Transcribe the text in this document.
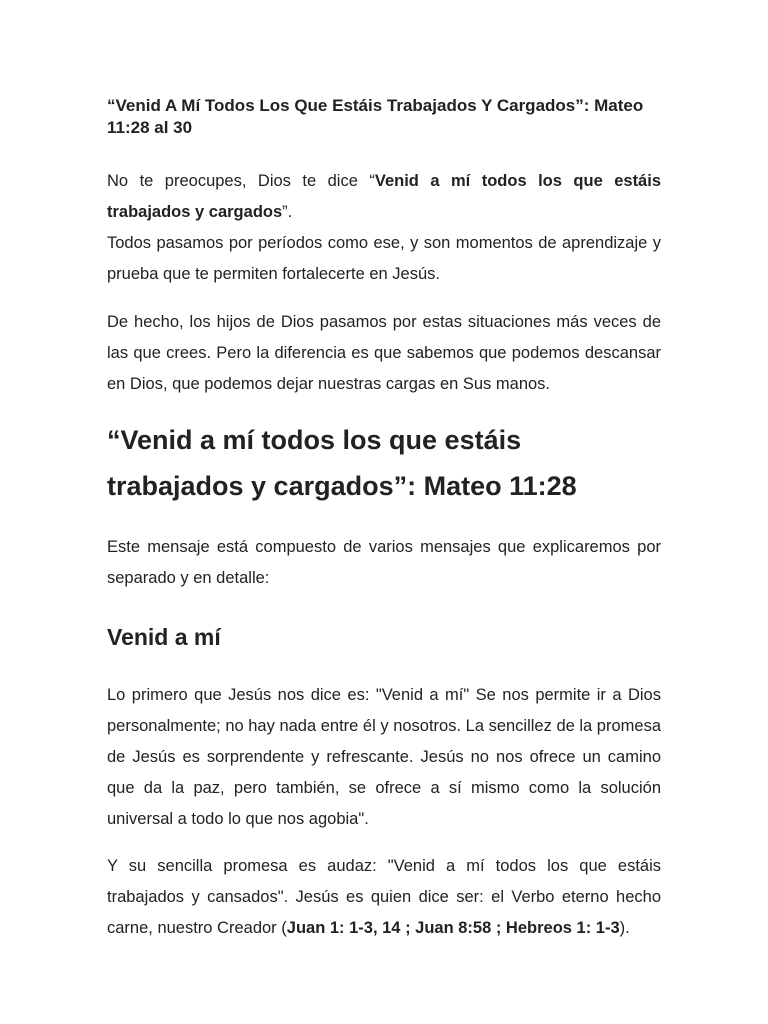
“Venid A Mí Todos Los Que Estáis Trabajados Y Cargados”: Mateo 11:28 al 30

No te preocupes, Dios te dice “Venid a mí todos los que estáis trabajados y cargados”.
Todos pasamos por períodos como ese, y son momentos de aprendizaje y prueba que te permiten fortalecerte en Jesús.

De hecho, los hijos de Dios pasamos por estas situaciones más veces de las que crees. Pero la diferencia es que sabemos que podemos descansar en Dios, que podemos dejar nuestras cargas en Sus manos.

“Venid a mí todos los que estáis trabajados y cargados”: Mateo 11:28

Este mensaje está compuesto de varios mensajes que explicaremos por separado y en detalle:

Venid a mí

Lo primero que Jesús nos dice es: "Venid a mí" Se nos permite ir a Dios personalmente; no hay nada entre él y nosotros. La sencillez de la promesa de Jesús es sorprendente y refrescante. Jesús no nos ofrece un camino que da la paz, pero también, se ofrece a sí mismo como la solución universal a todo lo que nos agobia".

Y su sencilla promesa es audaz: "Venid a mí todos los que estáis trabajados y cansados". Jesús es quien dice ser: el Verbo eterno hecho carne, nuestro Creador (Juan 1: 1-3, 14 ; Juan 8:58 ; Hebreos 1: 1-3).
